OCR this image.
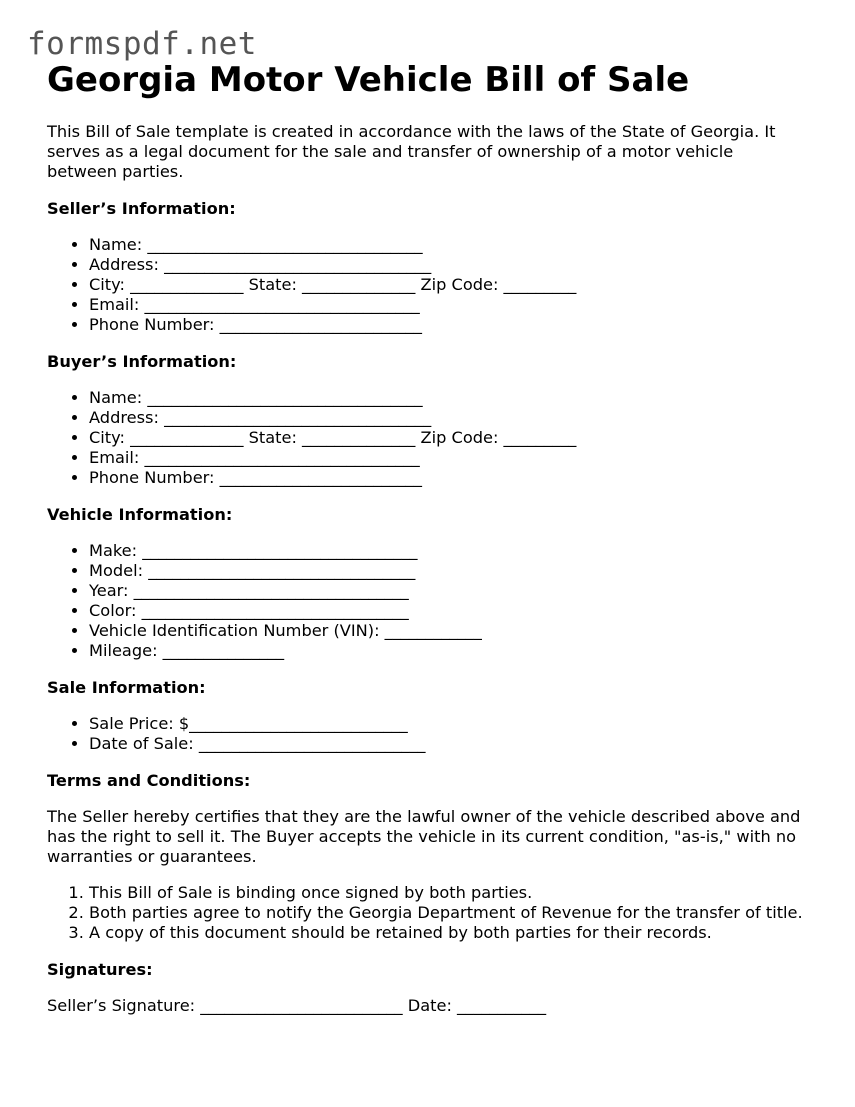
formspdf.net
Georgia Motor Vehicle Bill of Sale

This Bill of Sale template is created in accordance with the laws of the State of Georgia. It serves as a legal document for the sale and transfer of ownership of a motor vehicle between parties.

Seller’s Information:
• Name: __________________________________
• Address: _________________________________
• City: ______________ State: ______________ Zip Code: _________
• Email: __________________________________
• Phone Number: _________________________
Buyer’s Information:
• Name: __________________________________
• Address: _________________________________
• City: ______________ State: ______________ Zip Code: _________
• Email: __________________________________
• Phone Number: _________________________
Vehicle Information:
• Make: __________________________________
• Model: _________________________________
• Year: __________________________________
• Color: _________________________________
• Vehicle Identification Number (VIN): ____________
• Mileage: _______________
Sale Information:
• Sale Price: $___________________________
• Date of Sale: ____________________________
Terms and Conditions:

The Seller hereby certifies that they are the lawful owner of the vehicle described above and has the right to sell it. The Buyer accepts the vehicle in its current condition, "as-is," with no warranties or guarantees.

1. This Bill of Sale is binding once signed by both parties.
2. Both parties agree to notify the Georgia Department of Revenue for the transfer of title.
3. A copy of this document should be retained by both parties for their records.
Signatures:

Seller’s Signature: _________________________ Date: ___________
